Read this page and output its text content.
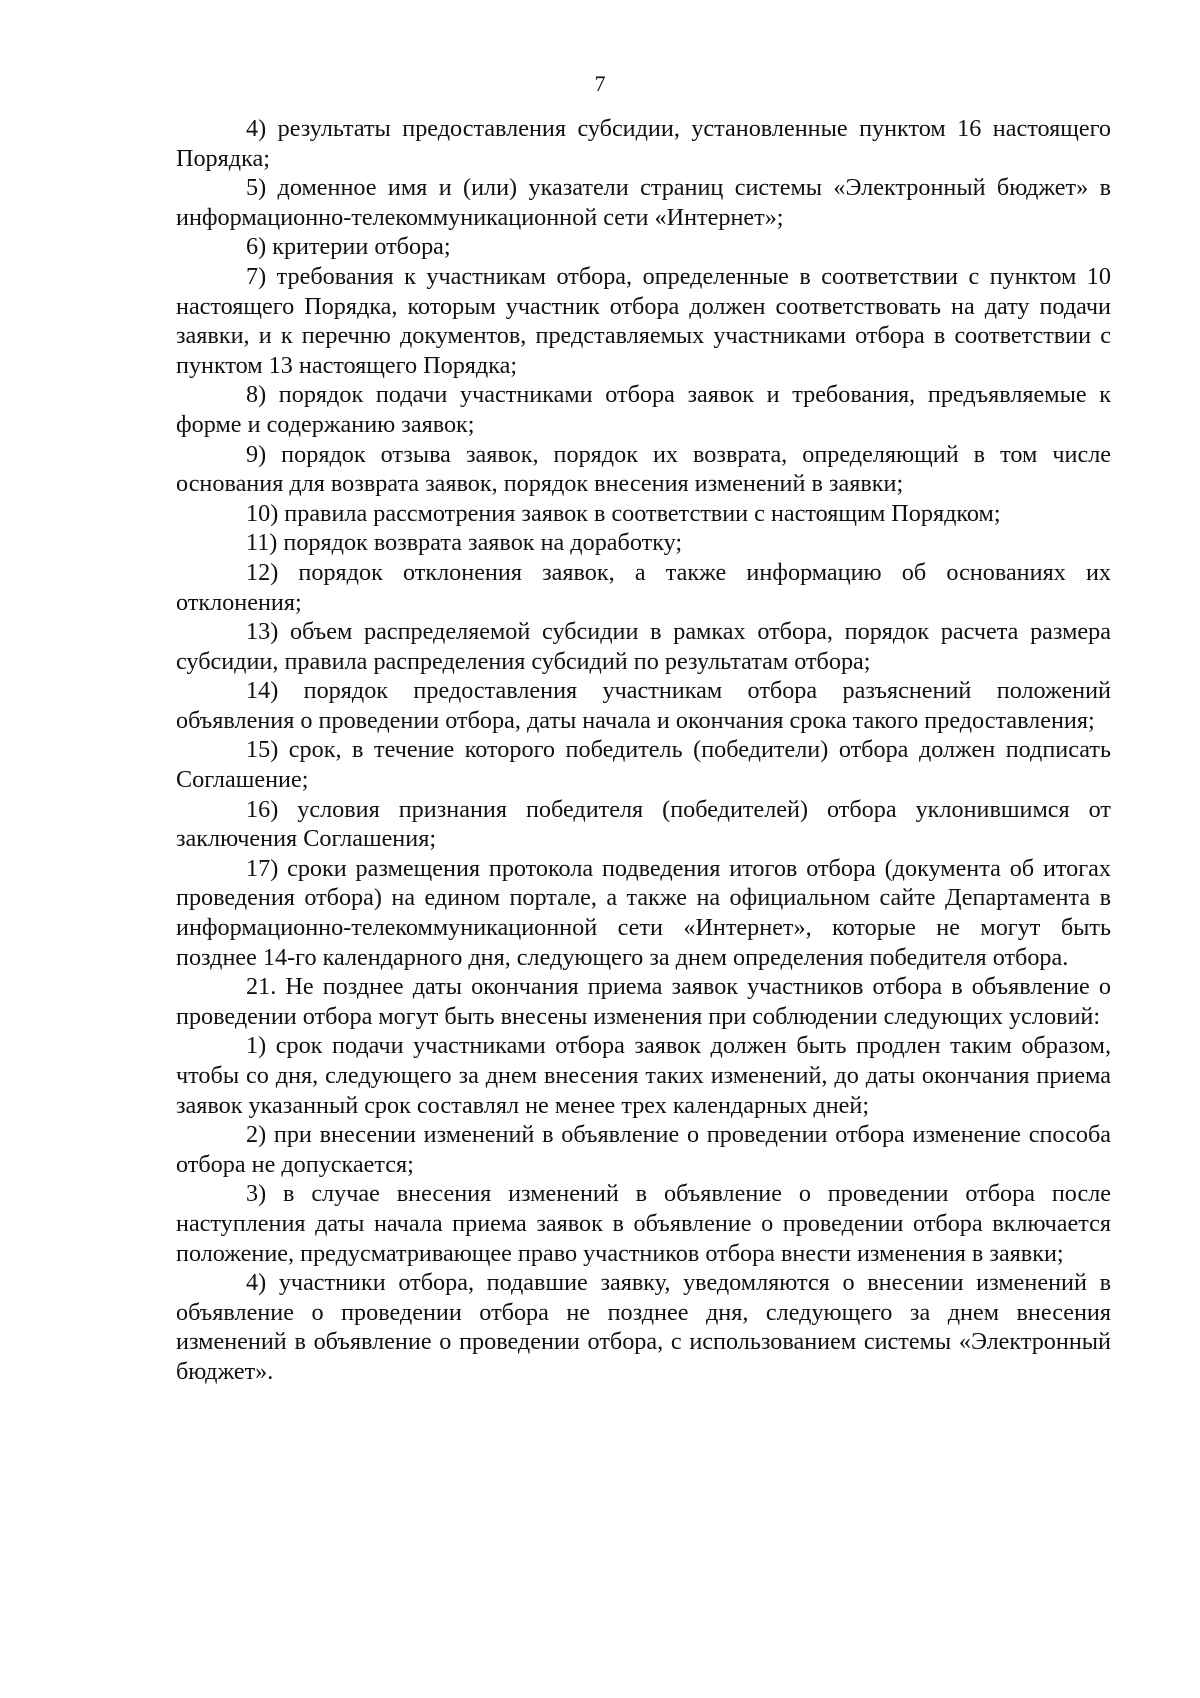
7

4) результаты предоставления субсидии, установленные пунктом 16 настоящего Порядка;

5) доменное имя и (или) указатели страниц системы «Электронный бюджет» в информационно-телекоммуникационной сети «Интернет»;

6) критерии отбора;

7) требования к участникам отбора, определенные в соответствии с пунктом 10 настоящего Порядка, которым участник отбора должен соответствовать на дату подачи заявки, и к перечню документов, представляемых участниками отбора в соответствии с пунктом 13 настоящего Порядка;

8) порядок подачи участниками отбора заявок и требования, предъявляемые к форме и содержанию заявок;

9) порядок отзыва заявок, порядок их возврата, определяющий в том числе основания для возврата заявок, порядок внесения изменений в заявки;

10) правила рассмотрения заявок в соответствии с настоящим Порядком;

11) порядок возврата заявок на доработку;

12) порядок отклонения заявок, а также информацию об основаниях их отклонения;

13) объем распределяемой субсидии в рамках отбора, порядок расчета размера субсидии, правила распределения субсидий по результатам отбора;

14) порядок предоставления участникам отбора разъяснений положений объявления о проведении отбора, даты начала и окончания срока такого предоставления;

15) срок, в течение которого победитель (победители) отбора должен подписать Соглашение;

16) условия признания победителя (победителей) отбора уклонившимся от заключения Соглашения;

17) сроки размещения протокола подведения итогов отбора (документа об итогах проведения отбора) на едином портале, а также на официальном сайте Департамента в информационно-телекоммуникационной сети «Интернет», которые не могут быть позднее 14-го календарного дня, следующего за днем определения победителя отбора.

21. Не позднее даты окончания приема заявок участников отбора в объявление о проведении отбора могут быть внесены изменения при соблюдении следующих условий:

1) срок подачи участниками отбора заявок должен быть продлен таким образом, чтобы со дня, следующего за днем внесения таких изменений, до даты окончания приема заявок указанный срок составлял не менее трех календарных дней;

2) при внесении изменений в объявление о проведении отбора изменение способа отбора не допускается;

3) в случае внесения изменений в объявление о проведении отбора после наступления даты начала приема заявок в объявление о проведении отбора включается положение, предусматривающее право участников отбора внести изменения в заявки;

4) участники отбора, подавшие заявку, уведомляются о внесении изменений в объявление о проведении отбора не позднее дня, следующего за днем внесения изменений в объявление о проведении отбора, с использованием системы «Электронный бюджет».
